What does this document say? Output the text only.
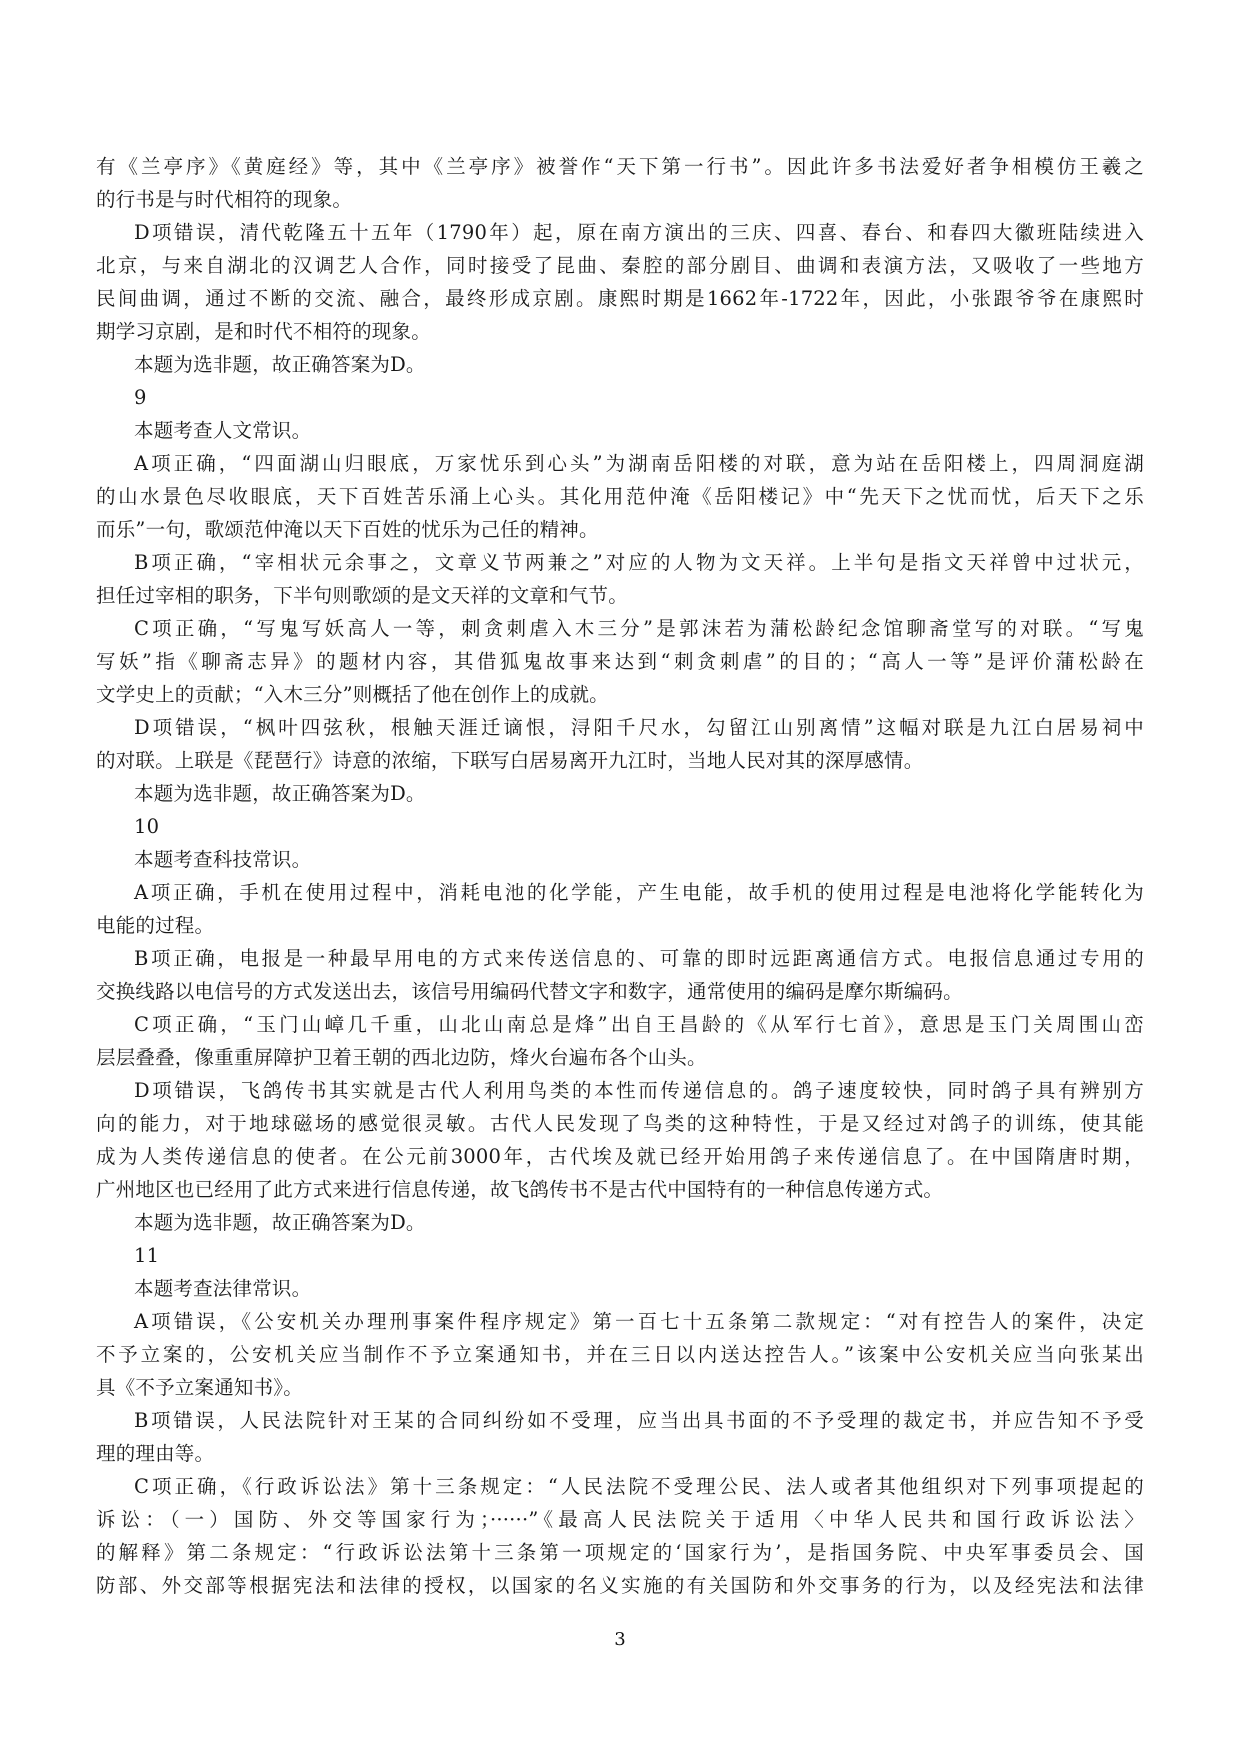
有《兰亭序》《黄庭经》等，其中《兰亭序》被誉作“天下第一行书”。因此许多书法爱好者争相模仿王羲之
的行书是与时代相符的现象。
D项错误，清代乾隆五十五年（1790年）起，原在南方演出的三庆、四喜、春台、和春四大徽班陆续进入
北京，与来自湖北的汉调艺人合作，同时接受了昆曲、秦腔的部分剧目、曲调和表演方法，又吸收了一些地方
民间曲调，通过不断的交流、融合，最终形成京剧。康熙时期是1662年-1722年，因此，小张跟爷爷在康熙时
期学习京剧，是和时代不相符的现象。
本题为选非题，故正确答案为D。
9
本题考查人文常识。
A项正确，“四面湖山归眼底，万家忧乐到心头”为湖南岳阳楼的对联，意为站在岳阳楼上，四周洞庭湖
的山水景色尽收眼底，天下百姓苦乐涌上心头。其化用范仲淹《岳阳楼记》中“先天下之忧而忧，后天下之乐
而乐”一句，歌颂范仲淹以天下百姓的忧乐为己任的精神。
B项正确，“宰相状元余事之，文章义节两兼之”对应的人物为文天祥。上半句是指文天祥曾中过状元，
担任过宰相的职务，下半句则歌颂的是文天祥的文章和气节。
C项正确，“写鬼写妖高人一等，刺贪刺虐入木三分”是郭沫若为蒲松龄纪念馆聊斋堂写的对联。“写鬼
写妖”指《聊斋志异》的题材内容，其借狐鬼故事来达到“刺贪刺虐”的目的；“高人一等”是评价蒲松龄在
文学史上的贡献；“入木三分”则概括了他在创作上的成就。
D项错误，“枫叶四弦秋，根触天涯迁谪恨，浔阳千尺水，勾留江山别离情”这幅对联是九江白居易祠中
的对联。上联是《琵琶行》诗意的浓缩，下联写白居易离开九江时，当地人民对其的深厚感情。
本题为选非题，故正确答案为D。
10
本题考查科技常识。
A项正确，手机在使用过程中，消耗电池的化学能，产生电能，故手机的使用过程是电池将化学能转化为
电能的过程。
B项正确，电报是一种最早用电的方式来传送信息的、可靠的即时远距离通信方式。电报信息通过专用的
交换线路以电信号的方式发送出去，该信号用编码代替文字和数字，通常使用的编码是摩尔斯编码。
C项正确，“玉门山嶂几千重，山北山南总是烽”出自王昌龄的《从军行七首》，意思是玉门关周围山峦
层层叠叠，像重重屏障护卫着王朝的西北边防，烽火台遍布各个山头。
D项错误，飞鸽传书其实就是古代人利用鸟类的本性而传递信息的。鸽子速度较快，同时鸽子具有辨别方
向的能力，对于地球磁场的感觉很灵敏。古代人民发现了鸟类的这种特性，于是又经过对鸽子的训练，使其能
成为人类传递信息的使者。在公元前3000年，古代埃及就已经开始用鸽子来传递信息了。在中国隋唐时期，
广州地区也已经用了此方式来进行信息传递，故飞鸽传书不是古代中国特有的一种信息传递方式。
本题为选非题，故正确答案为D。
11
本题考查法律常识。
A项错误，《公安机关办理刑事案件程序规定》第一百七十五条第二款规定：“对有控告人的案件，决定
不予立案的，公安机关应当制作不予立案通知书，并在三日以内送达控告人。”该案中公安机关应当向张某出
具《不予立案通知书》。
B项错误，人民法院针对王某的合同纠纷如不受理，应当出具书面的不予受理的裁定书，并应告知不予受
理的理由等。
C项正确，《行政诉讼法》第十三条规定：“人民法院不受理公民、法人或者其他组织对下列事项提起的
诉讼：（一）国防、外交等国家行为；······”《最高人民法院关于适用〈中华人民共和国行政诉讼法〉
的解释》第二条规定：“行政诉讼法第十三条第一项规定的‘国家行为’，是指国务院、中央军事委员会、国
防部、外交部等根据宪法和法律的授权，以国家的名义实施的有关国防和外交事务的行为，以及经宪法和法律
3
